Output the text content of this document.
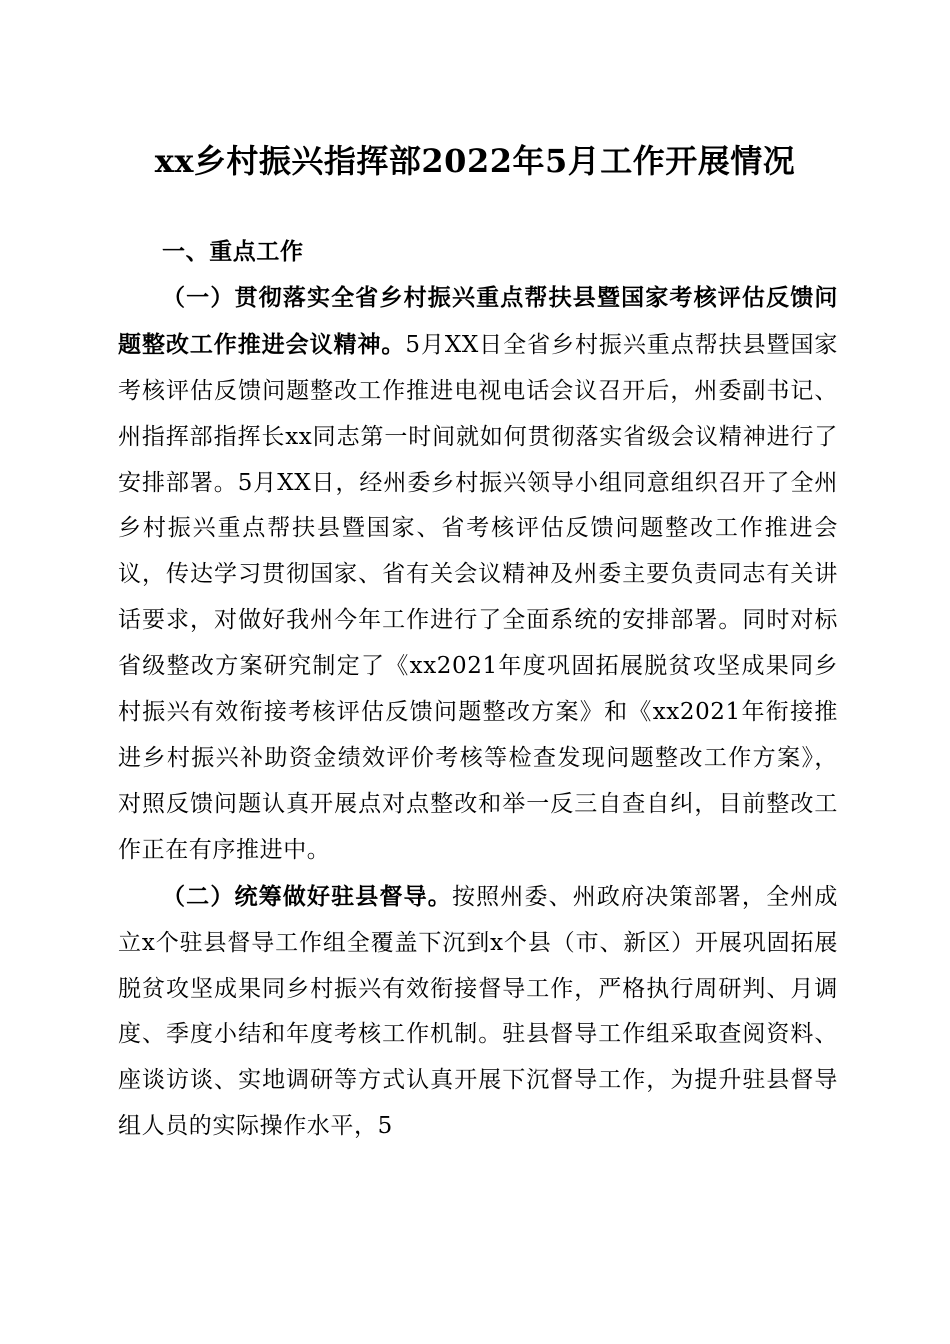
xx乡村振兴指挥部2022年5月工作开展情况

一、重点工作

（一）贯彻落实全省乡村振兴重点帮扶县暨国家考核评估反馈问题整改工作推进会议精神。5月XX日全省乡村振兴重点帮扶县暨国家考核评估反馈问题整改工作推进电视电话会议召开后，州委副书记、州指挥部指挥长xx同志第一时间就如何贯彻落实省级会议精神进行了安排部署。5月XX日，经州委乡村振兴领导小组同意组织召开了全州乡村振兴重点帮扶县暨国家、省考核评估反馈问题整改工作推进会议，传达学习贯彻国家、省有关会议精神及州委主要负责同志有关讲话要求，对做好我州今年工作进行了全面系统的安排部署。同时对标省级整改方案研究制定了《xx2021年度巩固拓展脱贫攻坚成果同乡村振兴有效衔接考核评估反馈问题整改方案》和《xx2021年衔接推进乡村振兴补助资金绩效评价考核等检查发现问题整改工作方案》，对照反馈问题认真开展点对点整改和举一反三自查自纠，目前整改工作正在有序推进中。

（二）统筹做好驻县督导。按照州委、州政府决策部署，全州成立x个驻县督导工作组全覆盖下沉到x个县（市、新区）开展巩固拓展脱贫攻坚成果同乡村振兴有效衔接督导工作，严格执行周研判、月调度、季度小结和年度考核工作机制。驻县督导工作组采取查阅资料、座谈访谈、实地调研等方式认真开展下沉督导工作，为提升驻县督导组人员的实际操作水平，5
